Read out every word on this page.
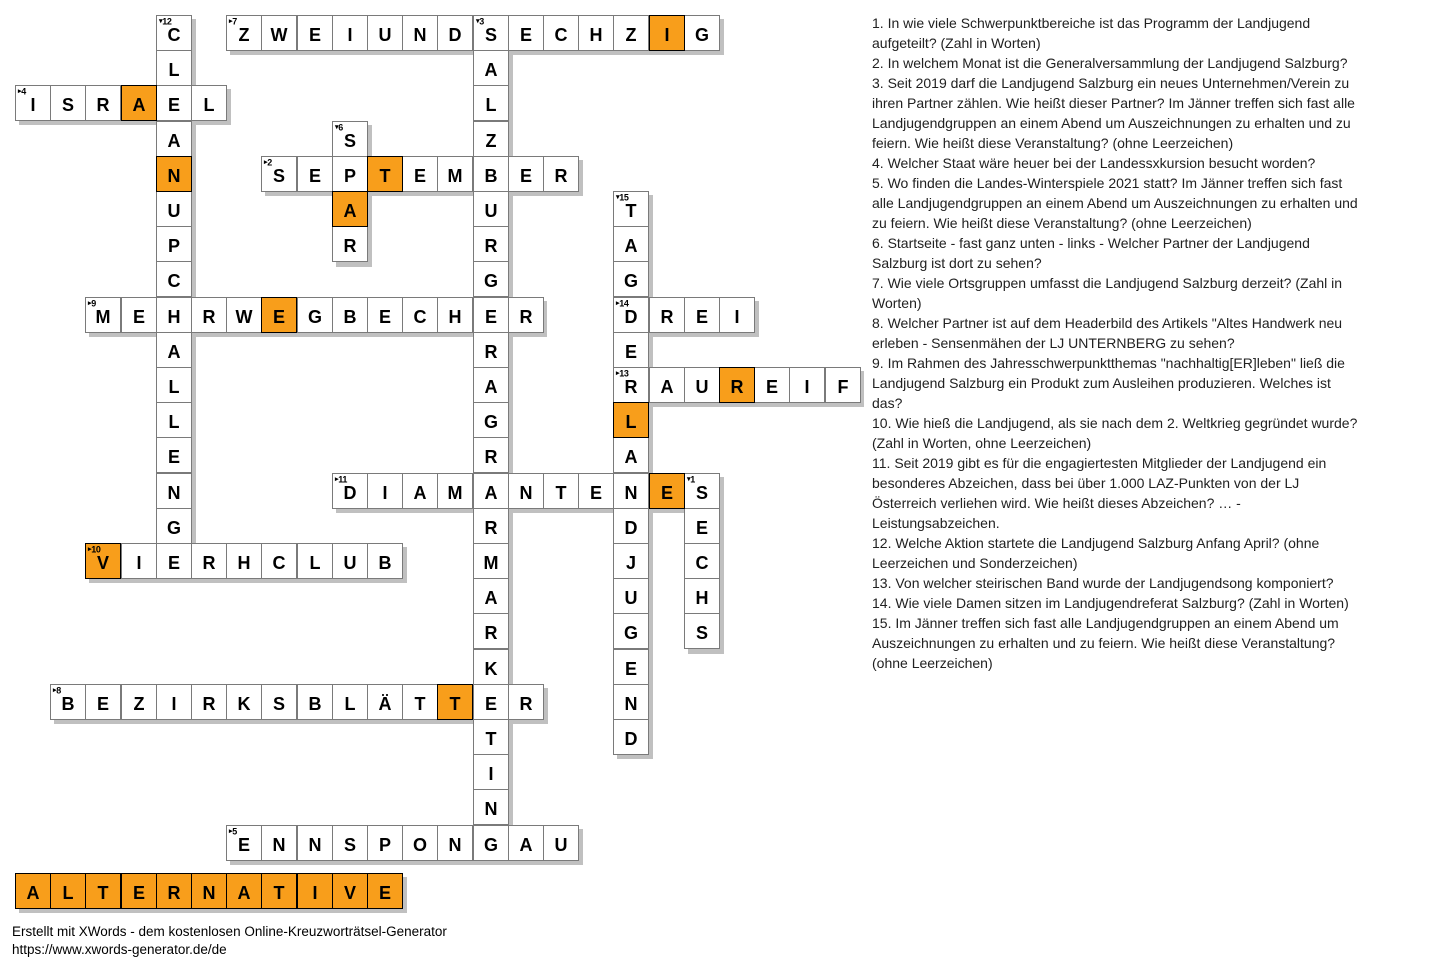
▸7
Z W E I U N D
▾3
S E C H Z I G
▾12
C
L
E
A
N
U
P
C
H
A
L
L
E
N
G
E
A
L
Z
B
U
R
G
E
R
A
G
R
A
R
M
A
R
K
E
T
I
N
G
▸4
I S R A	L
▾6
S
P
A
R
▸2
S E	T E M	E R
▾15
T
A
G
▸14
D
E
▸13
R
L
A
N
D
J
U
G
E
N
D
▸9
M E	R W E G B E C H	R	R E I
A U R E I F
▸11
D I A M	N T E	E
▾1
S
E
C
H
S
▸10
V I	R H C L U B
▸8
B E Z I R K S B L Ä T T	R
▸5
E N N S P O N	A U
A L T E R N A T I V E

1. In wie viele Schwerpunktbereiche ist das Programm der Landjugend aufgeteilt? (Zahl in Worten)

2. In welchem Monat ist die Generalversammlung der Landjugend Salzburg?

3. Seit 2019 darf die Landjugend Salzburg ein neues Unternehmen/Verein zu ihren Partner zählen. Wie heißt dieser Partner? Im Jänner treffen sich fast alle Landjugendgruppen an einem Abend um Auszeichnungen zu erhalten und zu feiern. Wie heißt diese Veranstaltung? (ohne Leerzeichen)

4. Welcher Staat wäre heuer bei der Landessxkursion besucht worden?

5. Wo finden die Landes-Winterspiele 2021 statt? Im Jänner treffen sich fast alle Landjugendgruppen an einem Abend um Auszeichnungen zu erhalten und zu feiern. Wie heißt diese Veranstaltung? (ohne Leerzeichen)

6. Startseite - fast ganz unten - links - Welcher Partner der Landjugend Salzburg ist dort zu sehen?

7. Wie viele Ortsgruppen umfasst die Landjugend Salzburg derzeit? (Zahl in Worten)

8. Welcher Partner ist auf dem Headerbild des Artikels "Altes Handwerk neu erleben - Sensenmähen der LJ UNTERNBERG zu sehen?

9. Im Rahmen des Jahresschwerpunktthemas "nachhaltig[ER]leben" ließ die Landjugend Salzburg ein Produkt zum Ausleihen produzieren. Welches ist das?

10. Wie hieß die Landjugend, als sie nach dem 2. Weltkrieg gegründet wurde? (Zahl in Worten, ohne Leerzeichen)

11. Seit 2019 gibt es für die engagiertesten Mitglieder der Landjugend ein besonderes Abzeichen, dass bei über 1.000 LAZ-Punkten von der LJ Österreich verliehen wird. Wie heißt dieses Abzeichen? … -Leistungsabzeichen.

12. Welche Aktion startete die Landjugend Salzburg Anfang April? (ohne Leerzeichen und Sonderzeichen)

13. Von welcher steirischen Band wurde der Landjugendsong komponiert?

14. Wie viele Damen sitzen im Landjugendreferat Salzburg? (Zahl in Worten)

15. Im Jänner treffen sich fast alle Landjugendgruppen an einem Abend um Auszeichnungen zu erhalten und zu feiern. Wie heißt diese Veranstaltung? (ohne Leerzeichen)

Erstellt mit XWords - dem kostenlosen Online-Kreuzworträtsel-Generator
https://www.xwords-generator.de/de
